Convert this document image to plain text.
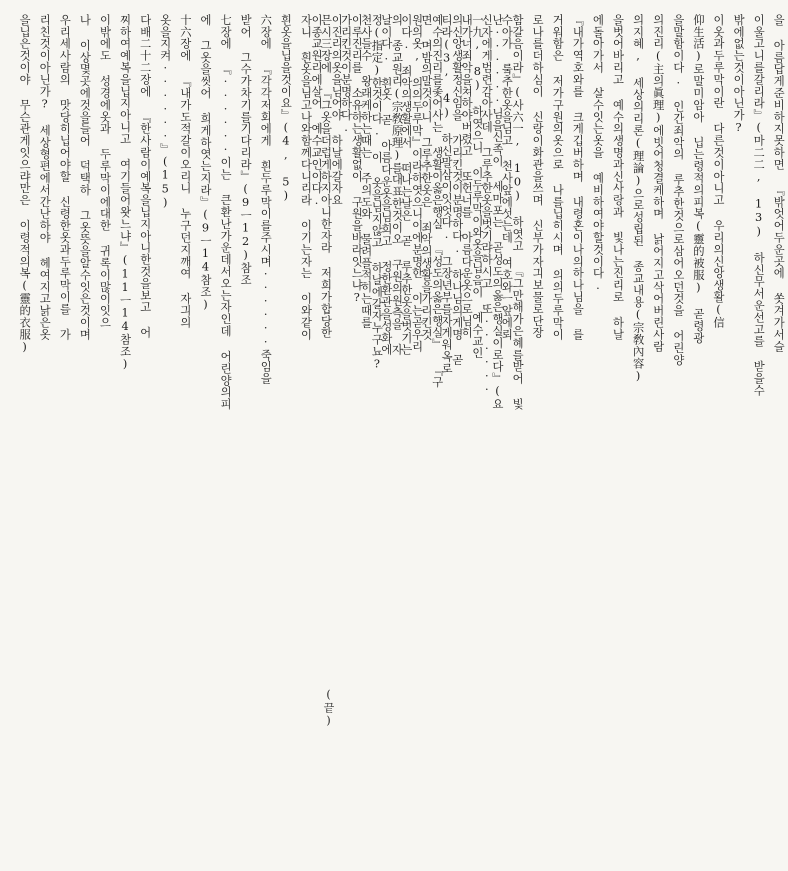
을 아름답게준비하지못하면 『밖엇어두운곳에 쏫겨가서슬
이울고니를갈리라』(마二二, 13) 하신무서운선고를 받을수
밖에없는것이아닌가?
이옷과두루막이란 다른것이아니고 우리의신앙생활(信
仰生活)로말미암아 닙는령적의피복(靈的被服) 곧령광
을말함이다. 인간죄악의 루추한것으로삼어오던것을 어린양
의진리(主의眞理)에빗어청결케하며 낡어지고삭어버린사람
의지혜, 세상의리론(理論)으로성립된 종교내용(宗敎內容)
을벗어바리고 예수의생명과신사랑과 빛나는진리로 하날
에돌아가서 살수잇는옷을 예비하여야할것이다.
『내가역호와를 크게깁버하며 내령혼이나의하나님을 를
거워함은 저가구원의옷으로 나를닙히시며 의의두루막이
로나를더하심이 신랑이화관을쓰며 신부가자긔보물로단장
함갈음이라』(사六一, 10) 하엿고 『그만해가은혜를받어 빛
난······님을신족이 세마포는 곧성도의옳은행실이로다』(요
一九, 8) 하엿으니 이두루막이와옷을닙음이 예수교인
의신앙생활정신임을 가리킨것이분명하다. 하나님의게명 곧
예수의진리를좇어사는 생활이옳은행실 『성도의옳은행실』 『구
원의옷, 의의두루막』이라하엿으니이에분명한 이는곧우리
의 종교원리(宗敎原理)를대표한것이오 구원의원측을 자
정(指定)한것이다. 이 옷을님지않고 하날에갈자누구뇨?
이루진리를 소유하는생활없이 구원을바라잇느냐?
이진리의옷을님어야 하날에갈자요
이종교원리에살어 예수교인이다.	수아가 뤀추한옷을님고 천사앞에섯는데 여호와ㅡ앞에뢰
신자에게범련감아사데 그루추한옷을벗기랴하시고 또······
내가너죄악을쳐하야버렸고 또헌너를 아름다운옷으로님히
티라(3, 4) 하신말삼이잇엇다. 그장년부를자게워옥로
면 며밤의말것이니 그루추한옷은 죄악의생활을가리킨것
이다. 죄악의생활에서 떠나는날은 곧 루추한옷을벗기는
날이다. 흰옷 곧 아름다운옷을님희고 정한환관을성화에
천사들수 왕래케하는때는 주의도와 물려플적히는때를
가리킨것이분명하다.
믄시三장에 『그옷을더럽게하지아니한자라 저희가합당한
자니 흰옷을님고나와함께다니리라 이기는자는 이와같이
흰옷을닙을것이요』(4, 5)
六장에 『각각저회에게 흰두루막이를주시며······죽임을
받어 그수가차기를기다리라』(9ㅡ12)참조
七장에 『······이는 큰환난가운데서오는자인데 어린양의피
에 그옷을씻어 희게하엿는지라』(9ㅡ14참조)
十六장에 『내가도적갈이오리니 누구던지깨여 자긔의
옷을지켜······』(15)
다배二十二장에 『한사람이예복을닙지아니한것을보고 어
찌하여예복을닙지아니고 여기들어왓느냐』(11ㅡ14참조)
이밖에도 성경에옷과 두루막이에대한 귀록이많이잇으
나 이상몇곳에것을들어 덕택하 그옷뜻을알수잇은것이며
우리세사람의 맛당히닙어야할 신령한옷과두루막이를 가
리친것이아닌가? 세상형편에서간난하야 헤여지고낡은옷
을닙은것이야 무슨관게잇으랴만은 이령적의복(靈的衣服)
(끝)
